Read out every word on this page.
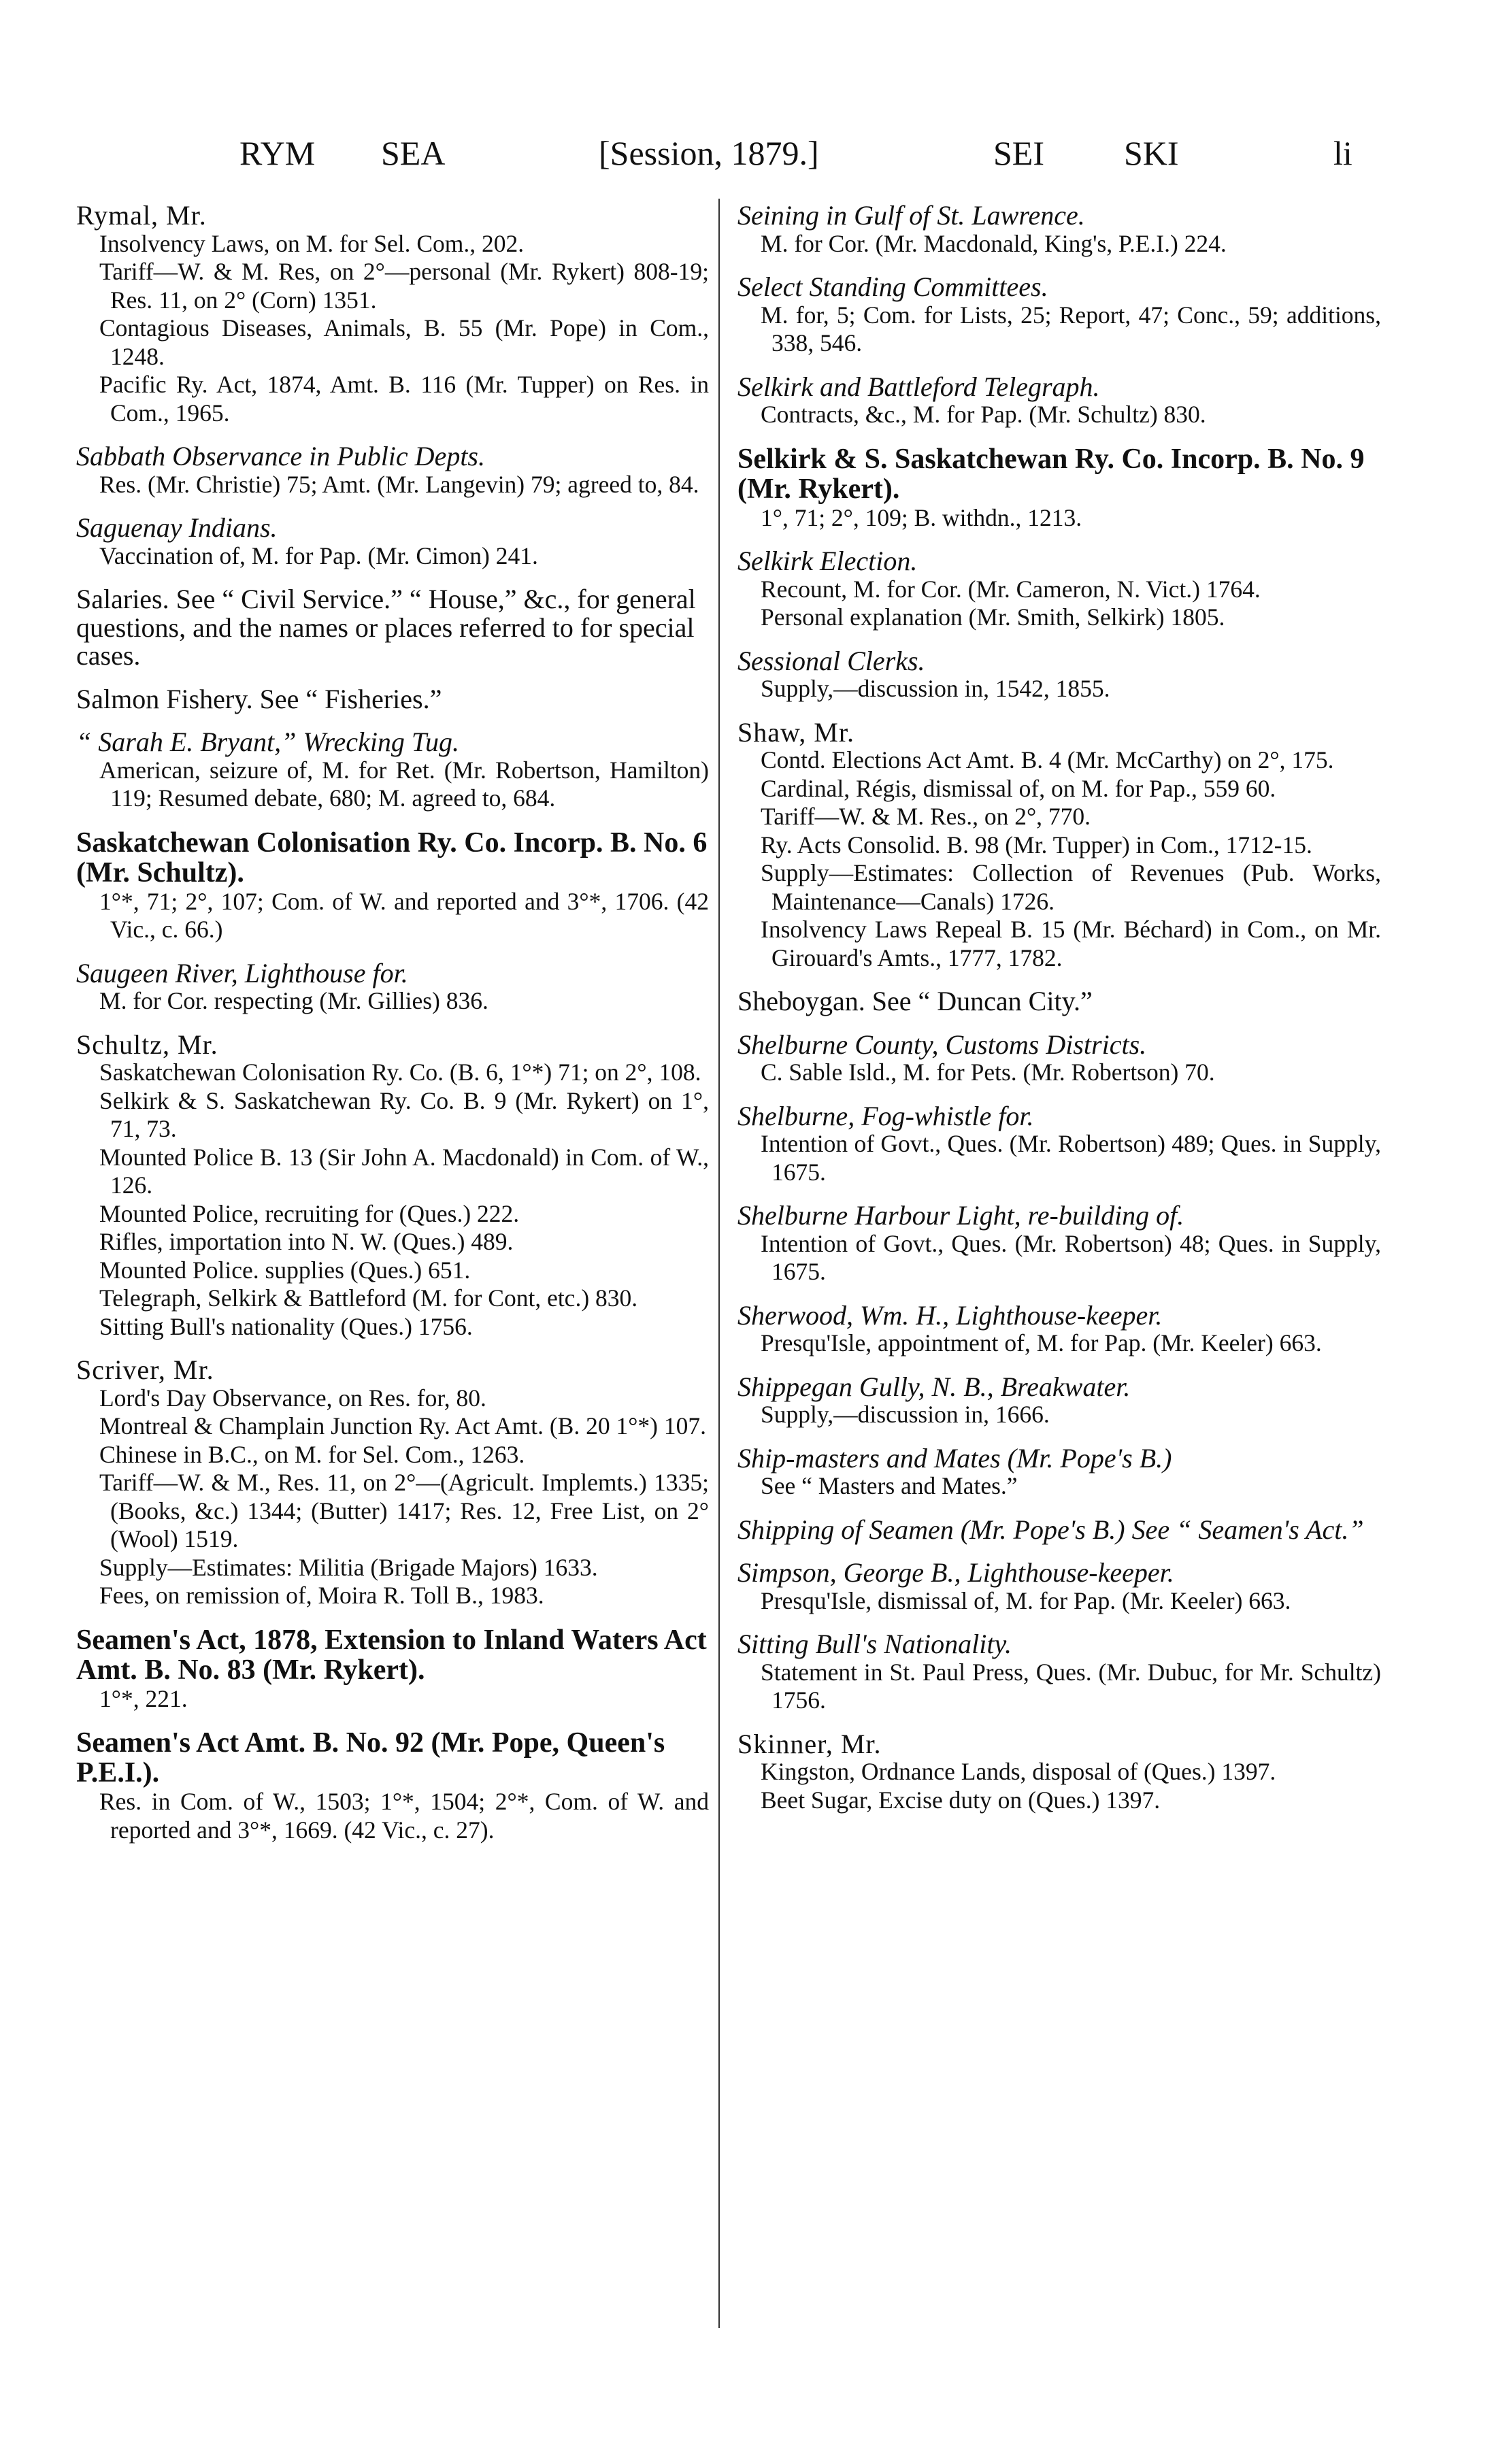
RYM SEA	[Session, 1879.]	SEI SKI	li

Rymal, Mr.

Insolvency Laws, on M. for Sel. Com., 202.

Tariff—W. & M. Res, on 2°—personal (Mr. Rykert) 808-19; Res. 11, on 2° (Corn) 1351.

Contagious Diseases, Animals, B. 55 (Mr. Pope) in Com., 1248.

Pacific Ry. Act, 1874, Amt. B. 116 (Mr. Tupper) on Res. in Com., 1965.

Sabbath Observance in Public Depts.

Res. (Mr. Christie) 75; Amt. (Mr. Langevin) 79; agreed to, 84.

Saguenay Indians.

Vaccination of, M. for Pap. (Mr. Cimon) 241.

Salaries. See “ Civil Service.” “ House,” &c., for general questions, and the names or places referred to for special cases.

Salmon Fishery. See “ Fisheries.”

“ Sarah E. Bryant,” Wrecking Tug.

American, seizure of, M. for Ret. (Mr. Robertson, Hamilton) 119; Resumed debate, 680; M. agreed to, 684.

Saskatchewan Colonisation Ry. Co. Incorp. B. No. 6 (Mr. Schultz).

1°*, 71; 2°, 107; Com. of W. and reported and 3°*, 1706. (42 Vic., c. 66.)

Saugeen River, Lighthouse for.

M. for Cor. respecting (Mr. Gillies) 836.

Schultz, Mr.

Saskatchewan Colonisation Ry. Co. (B. 6, 1°*) 71; on 2°, 108.

Selkirk & S. Saskatchewan Ry. Co. B. 9 (Mr. Rykert) on 1°, 71, 73.

Mounted Police B. 13 (Sir John A. Macdonald) in Com. of W., 126.

Mounted Police, recruiting for (Ques.) 222.

Rifles, importation into N. W. (Ques.) 489.

Mounted Police. supplies (Ques.) 651.

Telegraph, Selkirk & Battleford (M. for Cont, etc.) 830.

Sitting Bull's nationality (Ques.) 1756.

Scriver, Mr.

Lord's Day Observance, on Res. for, 80.

Montreal & Champlain Junction Ry. Act Amt. (B. 20 1°*) 107.

Chinese in B.C., on M. for Sel. Com., 1263.

Tariff—W. & M., Res. 11, on 2°—(Agricult. Implemts.) 1335; (Books, &c.) 1344; (Butter) 1417; Res. 12, Free List, on 2° (Wool) 1519.

Supply—Estimates: Militia (Brigade Majors) 1633.

Fees, on remission of, Moira R. Toll B., 1983.

Seamen's Act, 1878, Extension to Inland Waters Act Amt. B. No. 83 (Mr. Rykert).

1°*, 221.

Seamen's Act Amt. B. No. 92 (Mr. Pope, Queen's P.E.I.).

Res. in Com. of W., 1503; 1°*, 1504; 2°*, Com. of W. and reported and 3°*, 1669. (42 Vic., c. 27).

Seining in Gulf of St. Lawrence.

M. for Cor. (Mr. Macdonald, King's, P.E.I.) 224.

Select Standing Committees.

M. for, 5; Com. for Lists, 25; Report, 47; Conc., 59; additions, 338, 546.

Selkirk and Battleford Telegraph.

Contracts, &c., M. for Pap. (Mr. Schultz) 830.

Selkirk & S. Saskatchewan Ry. Co. Incorp. B. No. 9 (Mr. Rykert).

1°, 71; 2°, 109; B. withdn., 1213.

Selkirk Election.

Recount, M. for Cor. (Mr. Cameron, N. Vict.) 1764.

Personal explanation (Mr. Smith, Selkirk) 1805.

Sessional Clerks.

Supply,—discussion in, 1542, 1855.

Shaw, Mr.

Contd. Elections Act Amt. B. 4 (Mr. McCarthy) on 2°, 175.

Cardinal, Régis, dismissal of, on M. for Pap., 559 60.

Tariff—W. & M. Res., on 2°, 770.

Ry. Acts Consolid. B. 98 (Mr. Tupper) in Com., 1712-15.

Supply—Estimates: Collection of Revenues (Pub. Works, Maintenance—Canals) 1726.

Insolvency Laws Repeal B. 15 (Mr. Béchard) in Com., on Mr. Girouard's Amts., 1777, 1782.

Sheboygan. See “ Duncan City.”

Shelburne County, Customs Districts.

C. Sable Isld., M. for Pets. (Mr. Robertson) 70.

Shelburne, Fog-whistle for.

Intention of Govt., Ques. (Mr. Robertson) 489; Ques. in Supply, 1675.

Shelburne Harbour Light, re-building of.

Intention of Govt., Ques. (Mr. Robertson) 48; Ques. in Supply, 1675.

Sherwood, Wm. H., Lighthouse-keeper.

Presqu'Isle, appointment of, M. for Pap. (Mr. Keeler) 663.

Shippegan Gully, N. B., Breakwater.

Supply,—discussion in, 1666.

Ship-masters and Mates (Mr. Pope's B.)

See “ Masters and Mates.”

Shipping of Seamen (Mr. Pope's B.) See “ Seamen's Act.”

Simpson, George B., Lighthouse-keeper.

Presqu'Isle, dismissal of, M. for Pap. (Mr. Keeler) 663.

Sitting Bull's Nationality.

Statement in St. Paul Press, Ques. (Mr. Dubuc, for Mr. Schultz) 1756.

Skinner, Mr.

Kingston, Ordnance Lands, disposal of (Ques.) 1397.

Beet Sugar, Excise duty on (Ques.) 1397.
